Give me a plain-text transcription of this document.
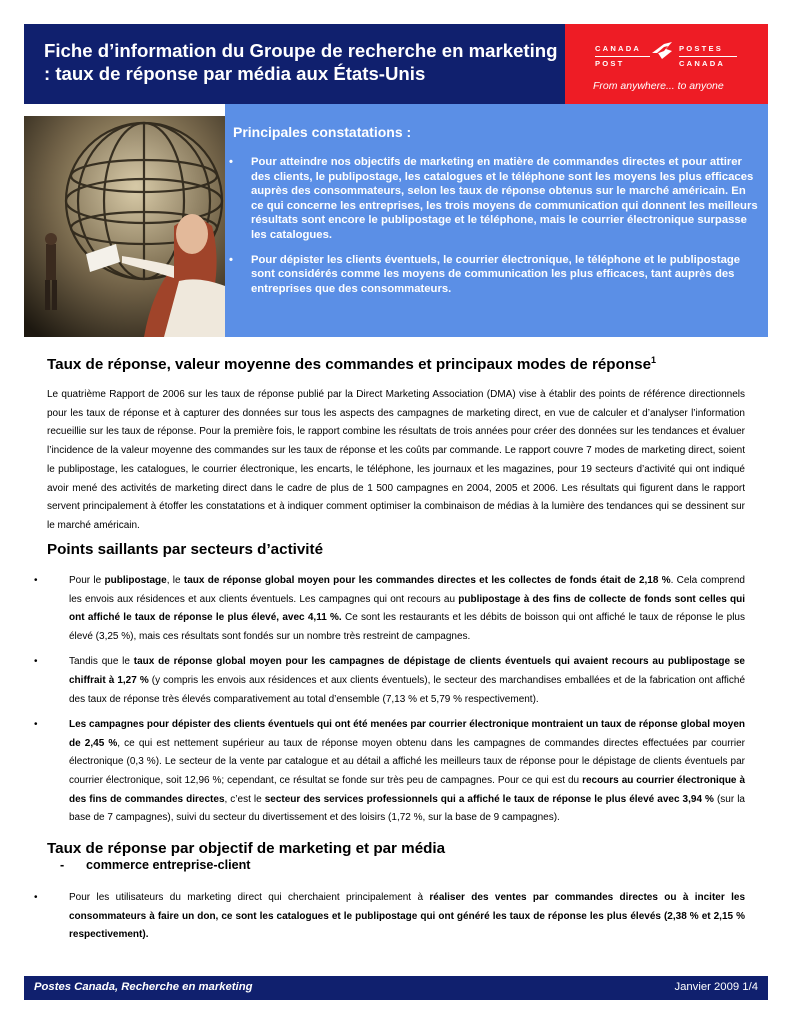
Fiche d’information du Groupe de recherche en marketing : taux de réponse par média aux États-Unis
CANADA
POST
POSTES
CANADA
From anywhere... to anyone
Principales constatations :
• Pour atteindre nos objectifs de marketing en matière de commandes directes et pour attirer des clients, le publipostage, les catalogues et le téléphone sont les moyens les plus efficaces auprès des consommateurs, selon les taux de réponse obtenus sur le marché américain. En ce qui concerne les entreprises, les trois moyens de communication qui donnent les meilleurs résultats sont encore le publipostage et le téléphone, mais le courrier électronique surpasse les catalogues.
• Pour dépister les clients éventuels, le courrier électronique, le téléphone et le publipostage sont considérés comme les moyens de communication les plus efficaces, tant auprès des entreprises que des consommateurs.
Taux de réponse, valeur moyenne des commandes et principaux modes de réponse$^1$
Le quatrième Rapport de 2006 sur les taux de réponse publié par la Direct Marketing Association (DMA) vise à établir des points de référence directionnels pour les taux de réponse et à capturer des données sur tous les aspects des campagnes de marketing direct, en vue de calculer et d’analyser l’information recueillie sur les taux de réponse. Pour la première fois, le rapport combine les résultats de trois années pour créer des données sur les tendances et évaluer l’incidence de la valeur moyenne des commandes sur les taux de réponse et les coûts par commande. Le rapport couvre 7 modes de marketing direct, soient le publipostage, les catalogues, le courrier électronique, les encarts, le téléphone, les journaux et les magazines, pour 19 secteurs d’activité qui ont indiqué avoir mené des activités de marketing direct dans le cadre de plus de 1 500 campagnes en 2004, 2005 et 2006. Les résultats qui figurent dans le rapport servent principalement à étoffer les constatations et à indiquer comment optimiser la combinaison de médias à la lumière des tendances qui se dessinent sur le marché américain.
Points saillants par secteurs d’activité
• Pour le publipostage, le taux de réponse global moyen pour les commandes directes et les collectes de fonds était de 2,18 %. Cela comprend les envois aux résidences et aux clients éventuels. Les campagnes qui ont recours au publipostage à des fins de collecte de fonds sont celles qui ont affiché le taux de réponse le plus élevé, avec 4,11 %. Ce sont les restaurants et les débits de boisson qui ont affiché le taux de réponse le plus élevé (3,25 %), mais ces résultats sont fondés sur un nombre très restreint de campagnes.
• Tandis que le taux de réponse global moyen pour les campagnes de dépistage de clients éventuels qui avaient recours au publipostage se chiffrait à 1,27 % (y compris les envois aux résidences et aux clients éventuels), le secteur des marchandises emballées et de la fabrication ont affiché des taux de réponse très élevés comparativement au total d’ensemble (7,13 % et 5,79 % respectivement).
• Les campagnes pour dépister des clients éventuels qui ont été menées par courrier électronique montraient un taux de réponse global moyen de 2,45 %, ce qui est nettement supérieur au taux de réponse moyen obtenu dans les campagnes de commandes directes effectuées par courrier électronique (0,3 %). Le secteur de la vente par catalogue et au détail a affiché les meilleurs taux de réponse pour le dépistage de clients éventuels par courrier électronique, soit 12,96 %; cependant, ce résultat se fonde sur très peu de campagnes. Pour ce qui est du recours au courrier électronique à des fins de commandes directes, c’est le secteur des services professionnels qui a affiché le taux de réponse le plus élevé avec 3,94 % (sur la base de 7 campagnes), suivi du secteur du divertissement et des loisirs (1,72 %, sur la base de 9 campagnes).
Taux de réponse par objectif de marketing et par média
- commerce entreprise-client
• Pour les utilisateurs du marketing direct qui cherchaient principalement à réaliser des ventes par commandes directes ou à inciter les consommateurs à faire un don, ce sont les catalogues et le publipostage qui ont généré les taux de réponse les plus élevés (2,38 % et 2,15 % respectivement).
Postes Canada, Recherche en marketing	Janvier 2009 1/4
